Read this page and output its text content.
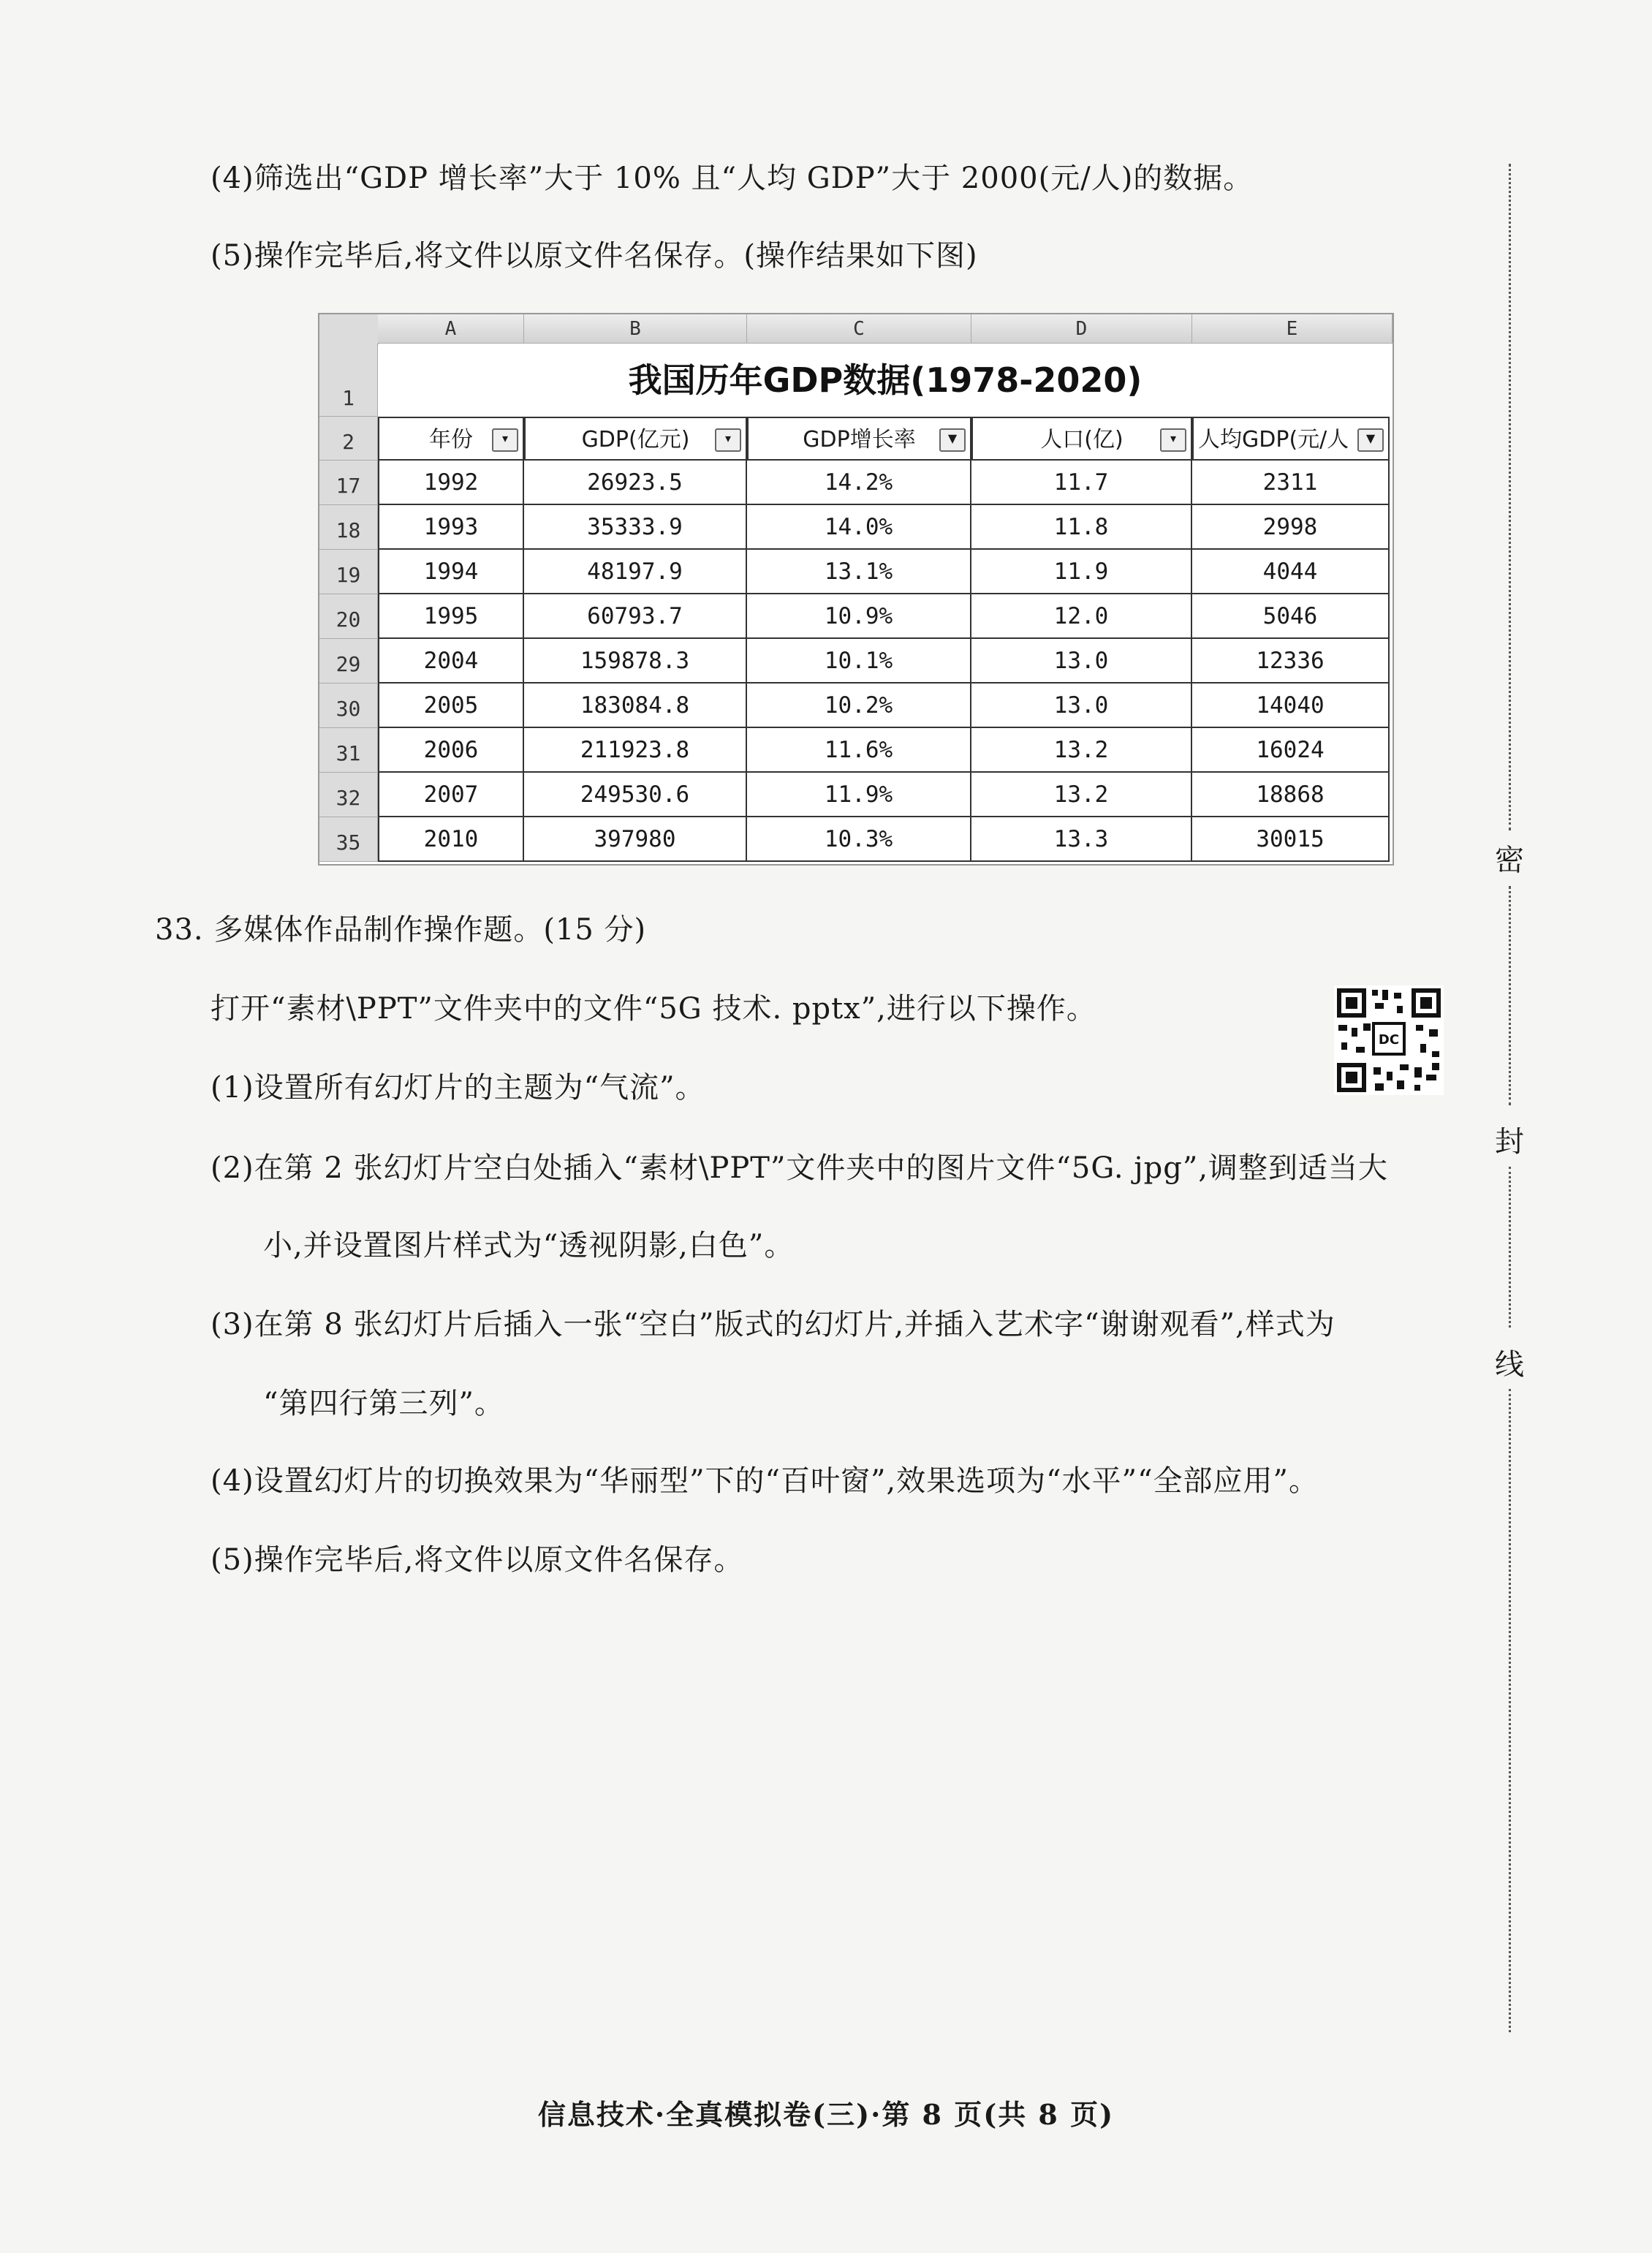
(4)筛选出“GDP 增长率”大于 10% 且“人均 GDP”大于 2000(元/人)的数据。
(5)操作完毕后,将文件以原文件名保存。(操作结果如下图)
A	B	C	D	E
1	我国历年GDP数据(1978-2020)
2	年份	▾	GDP(亿元)	▾	GDP增长率	▼	人口(亿)	▾ 人均GDP(元/人	▼
17	1992	26923.5	14.2%	11.7	2311
18	1993	35333.9	14.0%	11.8	2998
19	1994	48197.9	13.1%	11.9	4044
20	1995	60793.7	10.9%	12.0	5046
29	2004	159878.3	10.1%	13.0	12336
30	2005	183084.8	10.2%	13.0	14040
31	2006	211923.8	11.6%	13.2	16024
32	2007	249530.6	11.9%	13.2	18868
35	2010	397980	10.3%	13.3	30015
33. 多媒体作品制作操作题。(15 分)
打开“素材\PPT”文件夹中的文件“5G 技术. pptx”,进行以下操作。
DC
(1)设置所有幻灯片的主题为“气流”。
(2)在第 2 张幻灯片空白处插入“素材\PPT”文件夹中的图片文件“5G. jpg”,调整到适当大
小,并设置图片样式为“透视阴影,白色”。
(3)在第 8 张幻灯片后插入一张“空白”版式的幻灯片,并插入艺术字“谢谢观看”,样式为
“第四行第三列”。
(4)设置幻灯片的切换效果为“华丽型”下的“百叶窗”,效果选项为“水平”“全部应用”。
(5)操作完毕后,将文件以原文件名保存。
密
封
线
信息技术·全真模拟卷(三)·第 8 页(共 8 页)
